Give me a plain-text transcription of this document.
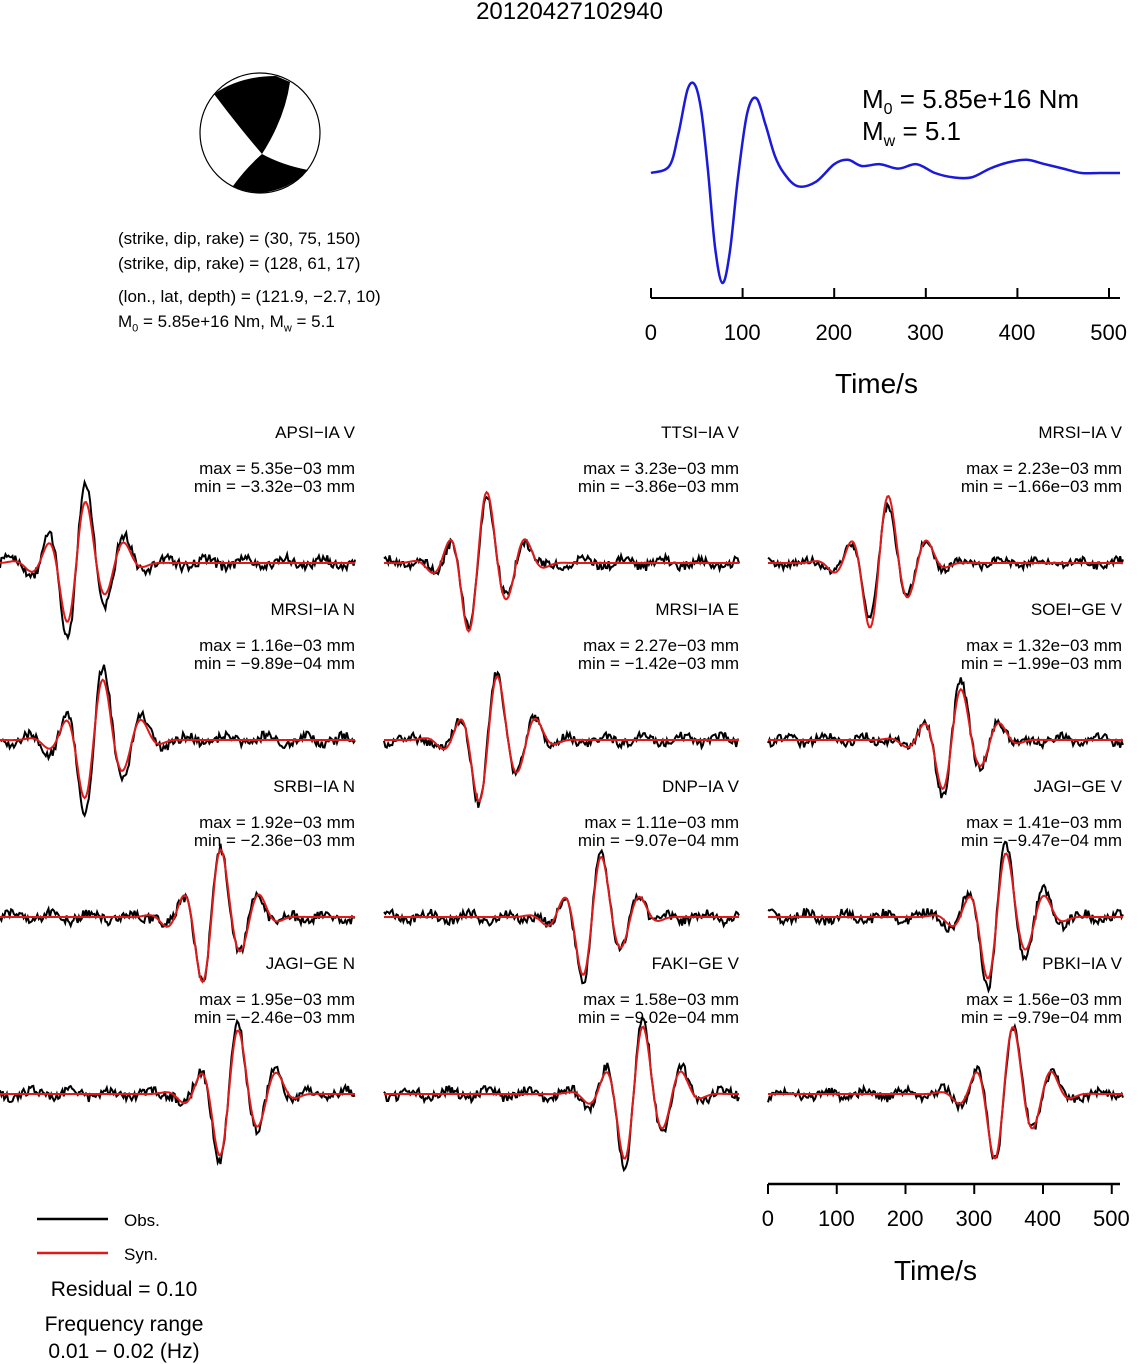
20120427102940
(strike, dip, rake) = (30, 75, 150)
(strike, dip, rake) = (128, 61, 17)
(lon., lat, depth) = (121.9, −2.7, 10)
$M_0 = 5.85e+16$ Nm, $M_w = 5.1$
$M_0 = 5.85e+16$ Nm
$M_w = 5.1$
0	100 200 300 400 500
Time/s
APSI−IA V
max = 5.35e−03 mm
min = −3.32e−03 mm
TTSI−IA V
max = 3.23e−03 mm
min = −3.86e−03 mm
MRSI−IA V
max = 2.23e−03 mm
min = −1.66e−03 mm
MRSI−IA N
max = 1.16e−03 mm
min = −9.89e−04 mm
MRSI−IA E
max = 2.27e−03 mm
min = −1.42e−03 mm
SOEI−GE V
max = 1.32e−03 mm
min = −1.99e−03 mm
SRBI−IA N
max = 1.92e−03 mm
min = −2.36e−03 mm
DNP−IA V
max = 1.11e−03 mm
min = −9.07e−04 mm
JAGI−GE V
max = 1.41e−03 mm
min = −9.47e−04 mm
JAGI−GE N
max = 1.95e−03 mm
min = −2.46e−03 mm
FAKI−GE V
max = 1.58e−03 mm
min = −9.02e−04 mm
PBKI−IA V
max = 1.56e−03 mm
min = −9.79e−04 mm
0 100 200 300 400 500
Time/s
Obs.
Syn.
Residual = 0.10
Frequency range
0.01 − 0.02 (Hz)
